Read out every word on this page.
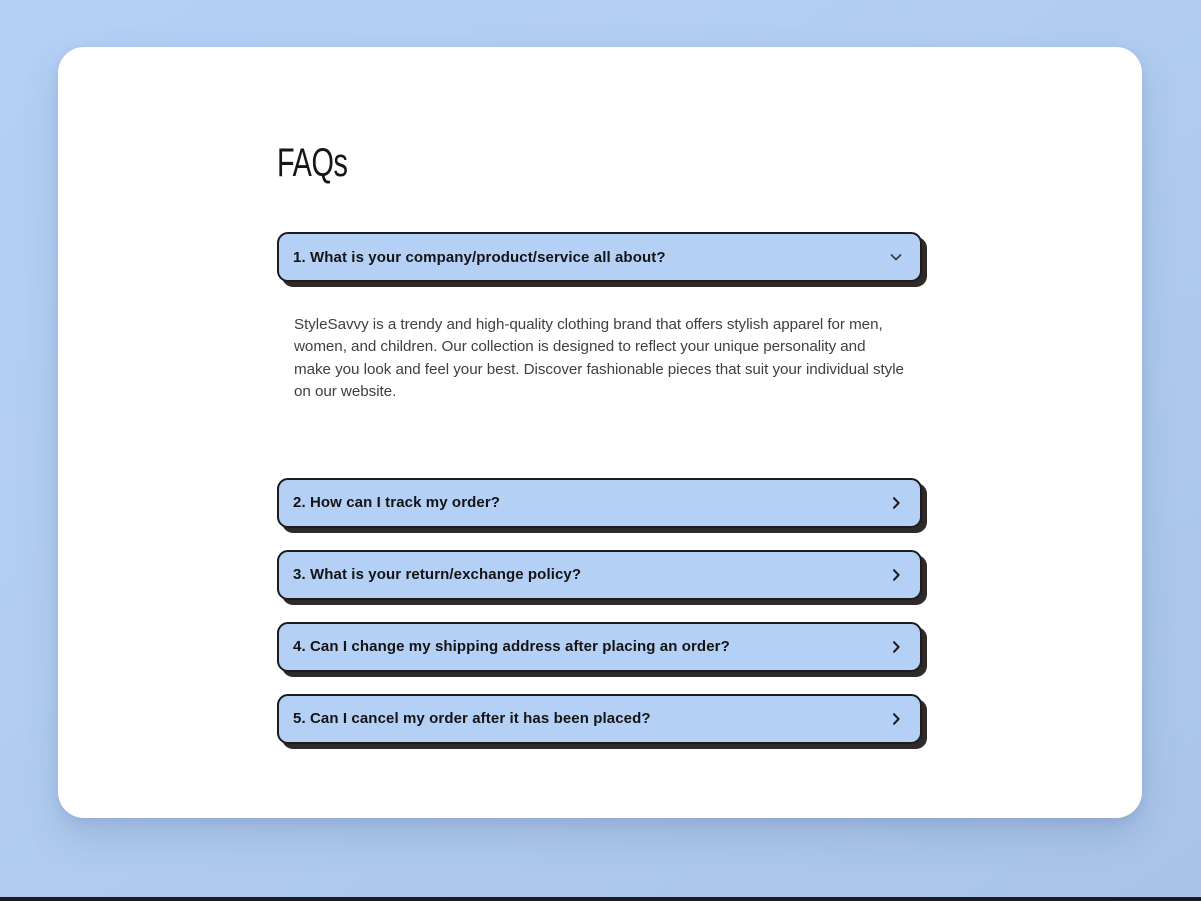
FAQs
1. What is your company/product/service all about?
StyleSavvy is a trendy and high-quality clothing brand that offers stylish apparel for men, women, and children. Our collection is designed to reflect your unique personality and make you look and feel your best. Discover fashionable pieces that suit your individual style on our website.
2. How can I track my order?
3. What is your return/exchange policy?
4. Can I change my shipping address after placing an order?
5. Can I cancel my order after it has been placed?
